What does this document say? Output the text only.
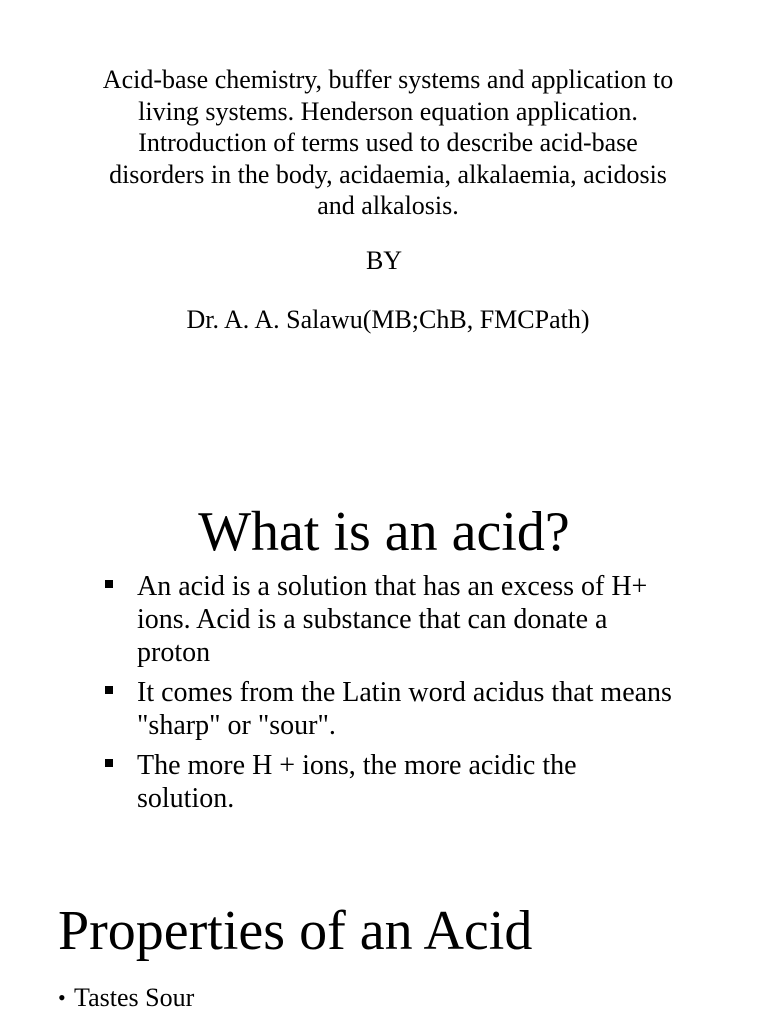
Acid-base chemistry, buffer systems and application to
living systems. Henderson equation application.
Introduction of terms used to describe acid-base
disorders in the body, acidaemia, alkalaemia, acidosis
and alkalosis.

BY

Dr. A. A. Salawu(MB;ChB, FMCPath)

What is an acid?
An acid is a solution that has an excess of H+ ions. Acid is a substance that can donate a proton
It comes from the Latin word acidus that means "sharp" or "sour".
The more H + ions, the more acidic the solution.
Properties of an Acid
• Tastes Sour
